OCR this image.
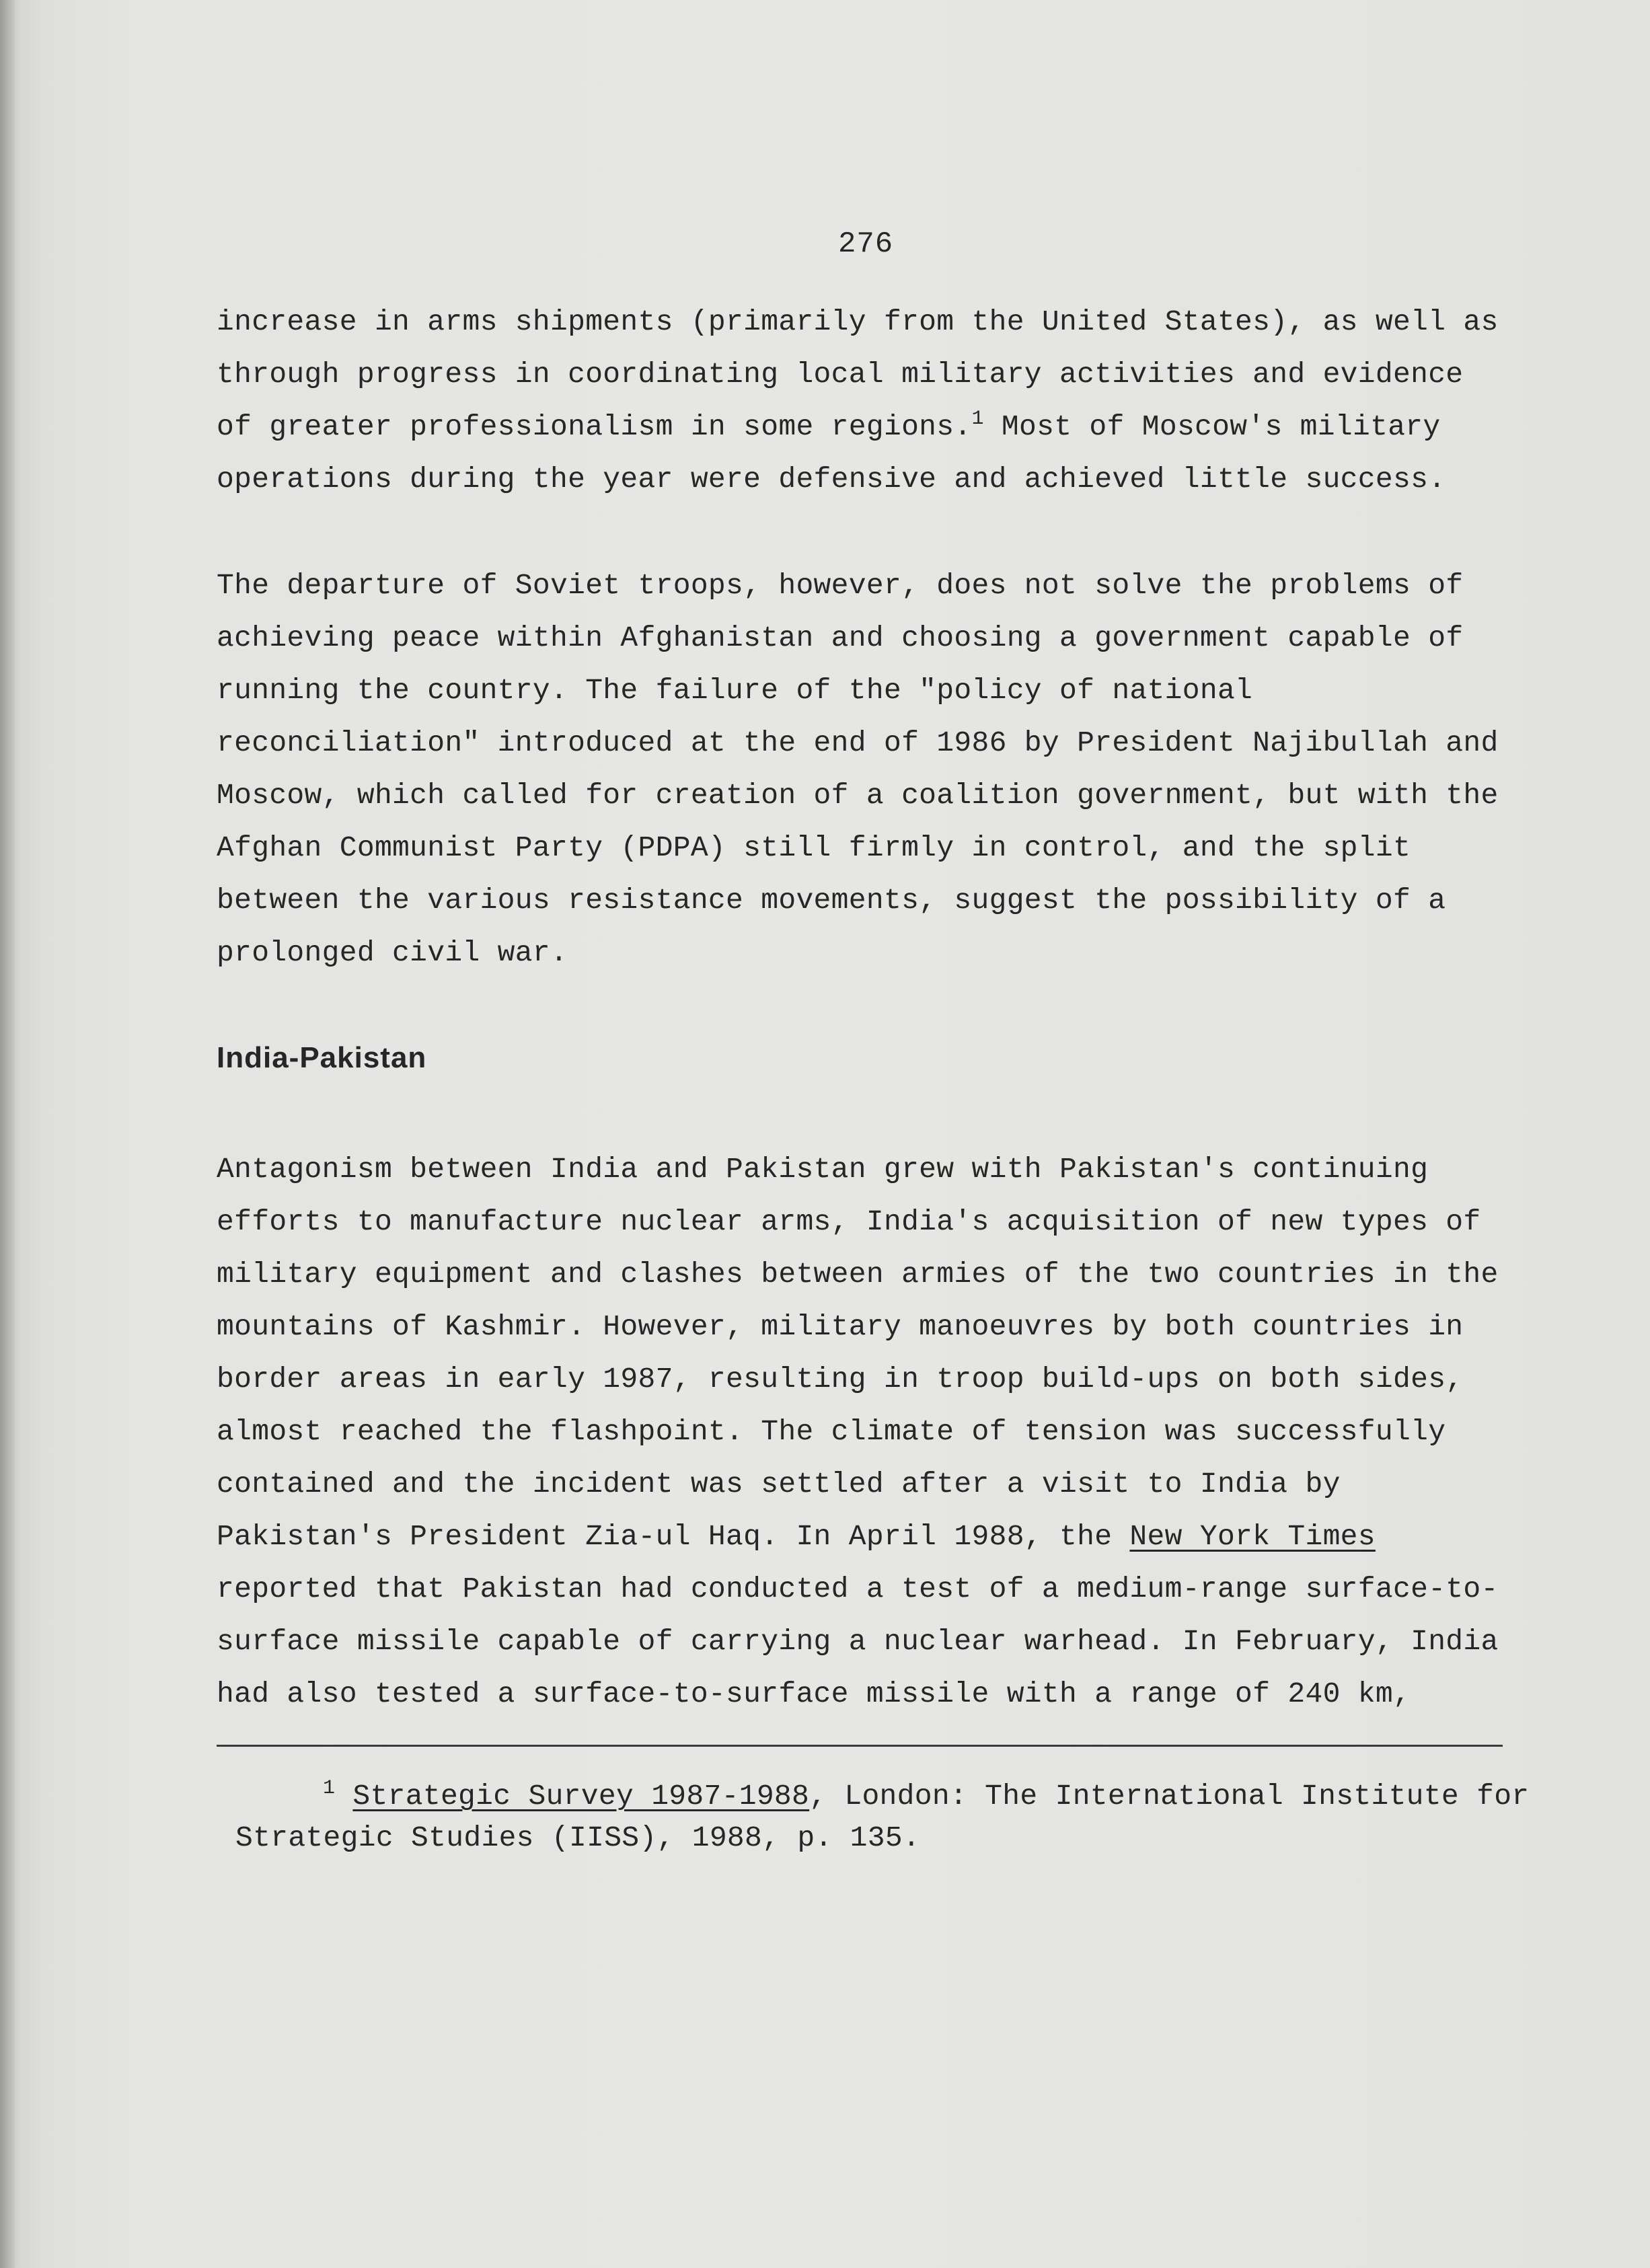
276
increase in arms shipments (primarily from the United States), as well as
through progress in coordinating local military activities and evidence
of greater professionalism in some regions.$^1$ Most of Moscow's military
operations during the year were defensive and achieved little success.
The departure of Soviet troops, however, does not solve the problems of
achieving peace within Afghanistan and choosing a government capable of
running the country. The failure of the "policy of national
reconciliation" introduced at the end of 1986 by President Najibullah and
Moscow, which called for creation of a coalition government, but with the
Afghan Communist Party (PDPA) still firmly in control, and the split
between the various resistance movements, suggest the possibility of a
prolonged civil war.
India-Pakistan
Antagonism between India and Pakistan grew with Pakistan's continuing
efforts to manufacture nuclear arms, India's acquisition of new types of
military equipment and clashes between armies of the two countries in the
mountains of Kashmir. However, military manoeuvres by both countries in
border areas in early 1987, resulting in troop build-ups on both sides,
almost reached the flashpoint. The climate of tension was successfully
contained and the incident was settled after a visit to India by
Pakistan's President Zia-ul Haq. In April 1988, the New York Times
reported that Pakistan had conducted a test of a medium-range surface-to-
surface missile capable of carrying a nuclear warhead. In February, India
had also tested a surface-to-surface missile with a range of 240 km,
$^1$ Strategic Survey 1987-1988, London: The International Institute for
Strategic Studies (IISS), 1988, p. 135.
